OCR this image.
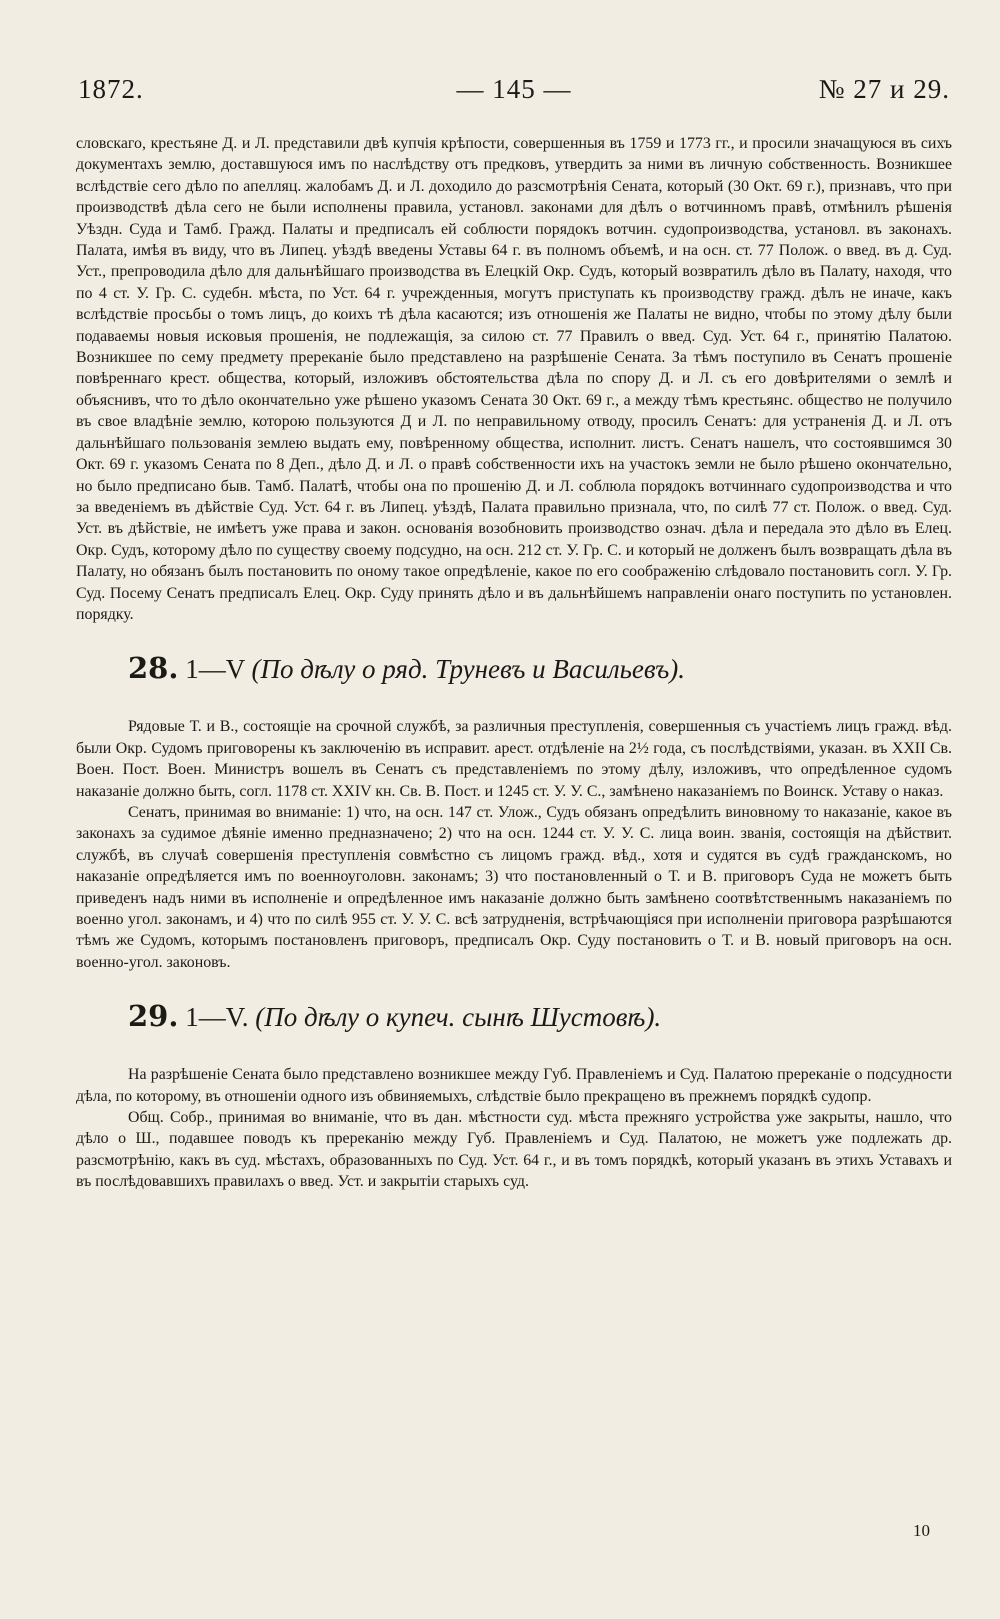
1872.	— 145 —	№ 27 и 29.

словскаго, крестьяне Д. и Л. представили двѣ купчія крѣпости, совершенныя въ 1759 и 1773 гг., и просили значащуюся въ сихъ документахъ землю, доставшуюся имъ по наслѣдству отъ предковъ, утвердить за ними въ личную собственность. Возникшее вслѣдствіе сего дѣло по апелляц. жалобамъ Д. и Л. доходило до разсмотрѣнія Сената, который (30 Окт. 69 г.), признавъ, что при производствѣ дѣла сего не были исполнены правила, установл. законами для дѣлъ о вотчинномъ правѣ, отмѣнилъ рѣшенія Уѣздн. Суда и Тамб. Гражд. Палаты и предписалъ ей соблюсти порядокъ вотчин. судопроизводства, установл. въ законахъ. Палата, имѣя въ виду, что въ Липец. уѣздѣ введены Уставы 64 г. въ полномъ объемѣ, и на осн. ст. 77 Полож. о введ. въ д. Суд. Уст., препроводила дѣло для дальнѣйшаго производства въ Елецкій Окр. Судъ, который возвратилъ дѣло въ Палату, находя, что по 4 ст. У. Гр. С. судебн. мѣста, по Уст. 64 г. учрежденныя, могутъ приступать къ производству гражд. дѣлъ не иначе, какъ вслѣдствіе просьбы о томъ лицъ, до коихъ тѣ дѣла касаются; изъ отношенія же Палаты не видно, чтобы по этому дѣлу были подаваемы новыя исковыя прошенія, не подлежащія, за силою ст. 77 Правилъ о введ. Суд. Уст. 64 г., принятію Палатою. Возникшее по сему предмету пререканіе было представлено на разрѣшеніе Сената. За тѣмъ поступило въ Сенатъ прошеніе повѣреннаго крест. общества, который, изложивъ обстоятельства дѣла по спору Д. и Л. съ его довѣрителями о землѣ и объяснивъ, что то дѣло окончательно уже рѣшено указомъ Сената 30 Окт. 69 г., а между тѣмъ крестьянс. общество не получило въ свое владѣніе землю, которою пользуются Д и Л. по неправильному отводу, просилъ Сенатъ: для устраненія Д. и Л. отъ дальнѣйшаго пользованія землею выдать ему, повѣренному общества, исполнит. листъ. Сенатъ нашелъ, что состоявшимся 30 Окт. 69 г. указомъ Сената по 8 Деп., дѣло Д. и Л. о правѣ собственности ихъ на участокъ земли не было рѣшено окончательно, но было предписано быв. Тамб. Палатѣ, чтобы она по прошенію Д. и Л. соблюла порядокъ вотчиннаго судопроизводства и что за введеніемъ въ дѣйствіе Суд. Уст. 64 г. въ Липец. уѣздѣ, Палата правильно признала, что, по силѣ 77 ст. Полож. о введ. Суд. Уст. въ дѣйствіе, не имѣетъ уже права и закон. основанія возобновить производство означ. дѣла и передала это дѣло въ Елец. Окр. Судъ, которому дѣло по существу своему подсудно, на осн. 212 ст. У. Гр. С. и который не долженъ былъ возвращать дѣла въ Палату, но обязанъ былъ постановить по оному такое опредѣленіе, какое по его соображенію слѣдовало постановить согл. У. Гр. Суд. Посему Сенатъ предписалъ Елец. Окр. Суду принять дѣло и въ дальнѣйшемъ направленіи онаго поступить по установлен. порядку.

28. 1—V (По дѣлу о ряд. Труневъ и Васильевъ).

Рядовые Т. и В., состоящіе на срочной службѣ, за различныя преступленія, совершенныя съ участіемъ лицъ гражд. вѣд. были Окр. Судомъ приговорены къ заключенію въ исправит. арест. отдѣленіе на 2½ года, съ послѣдствіями, указан. въ XXII Св. Воен. Пост. Воен. Министръ вошелъ въ Сенатъ съ представленіемъ по этому дѣлу, изложивъ, что опредѣленное судомъ наказаніе должно быть, согл. 1178 ст. XXIV кн. Св. В. Пост. и 1245 ст. У. У. С., замѣнено наказаніемъ по Воинск. Уставу о наказ.

Сенатъ, принимая во вниманіе: 1) что, на осн. 147 ст. Улож., Судъ обязанъ опредѣлить виновному то наказаніе, какое въ законахъ за судимое дѣяніе именно предназначено; 2) что на осн. 1244 ст. У. У. С. лица воин. званія, состоящія на дѣйствит. службѣ, въ случаѣ совершенія преступленія совмѣстно съ лицомъ гражд. вѣд., хотя и судятся въ судѣ гражданскомъ, но наказаніе опредѣляется имъ по военноуголовн. законамъ; 3) что постановленный о Т. и В. приговоръ Суда не можетъ быть приведенъ надъ ними въ исполненіе и опредѣленное имъ наказаніе должно быть замѣнено соотвѣтственнымъ наказаніемъ по военно угол. законамъ, и 4) что по силѣ 955 ст. У. У. С. всѣ затрудненія, встрѣчающіяся при исполненіи приговора разрѣшаются тѣмъ же Судомъ, которымъ постановленъ приговоръ, предписалъ Окр. Суду постановить о Т. и В. новый приговоръ на осн. военно-угол. законовъ.

29. 1—V. (По дѣлу о купеч. сынѣ Шустовѣ).

На разрѣшеніе Сената было представлено возникшее между Губ. Правленіемъ и Суд. Палатою пререканіе о подсудности дѣла, по которому, въ отношеніи одного изъ обвиняемыхъ, слѣдствіе было прекращено въ прежнемъ порядкѣ судопр.

Общ. Собр., принимая во вниманіе, что въ дан. мѣстности суд. мѣста прежняго устройства уже закрыты, нашло, что дѣло о Ш., подавшее поводъ къ пререканію между Губ. Правленіемъ и Суд. Палатою, не можетъ уже подлежать др. разсмотрѣнію, какъ въ суд. мѣстахъ, образованныхъ по Суд. Уст. 64 г., и въ томъ порядкѣ, который указанъ въ этихъ Уставахъ и въ послѣдовавшихъ правилахъ о введ. Уст. и закрытіи старыхъ суд.

10
